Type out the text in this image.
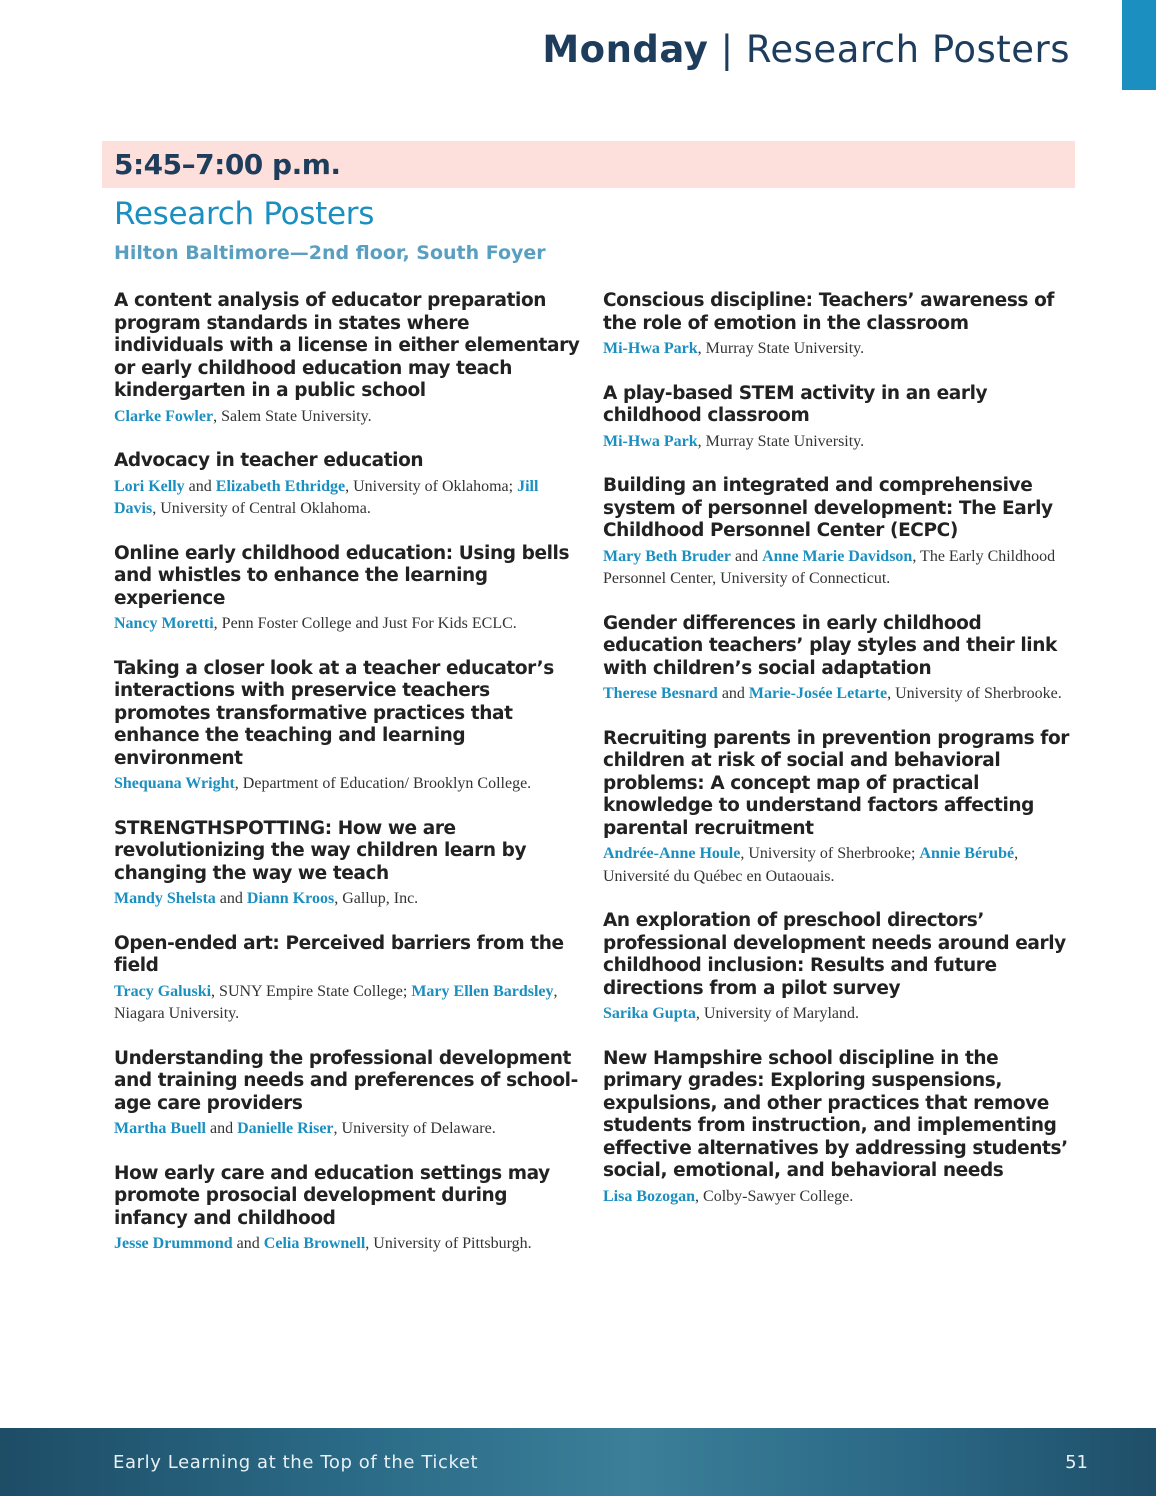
Monday | Research Posters
5:45–7:00 p.m.
Research Posters
Hilton Baltimore—2nd floor, South Foyer
A content analysis of educator preparation program standards in states where individuals with a license in either elementary or early childhood education may teach kindergarten in a public school
Clarke Fowler, Salem State University.
Advocacy in teacher education
Lori Kelly and Elizabeth Ethridge, University of Oklahoma; Jill Davis, University of Central Oklahoma.
Online early childhood education: Using bells and whistles to enhance the learning experience
Nancy Moretti, Penn Foster College and Just For Kids ECLC.
Taking a closer look at a teacher educator’s interactions with preservice teachers promotes transformative practices that enhance the teaching and learning environment
Shequana Wright, Department of Education/ Brooklyn College.
STRENGTHSPOTTING: How we are revolutionizing the way children learn by changing the way we teach
Mandy Shelsta and Diann Kroos, Gallup, Inc.
Open-ended art: Perceived barriers from the field
Tracy Galuski, SUNY Empire State College; Mary Ellen Bardsley, Niagara University.
Understanding the professional development and training needs and preferences of school-age care providers
Martha Buell and Danielle Riser, University of Delaware.
How early care and education settings may promote prosocial development during infancy and childhood
Jesse Drummond and Celia Brownell, University of Pittsburgh.
Conscious discipline: Teachers’ awareness of the role of emotion in the classroom
Mi-Hwa Park, Murray State University.
A play-based STEM activity in an early childhood classroom
Mi-Hwa Park, Murray State University.
Building an integrated and comprehensive system of personnel development: The Early Childhood Personnel Center (ECPC)
Mary Beth Bruder and Anne Marie Davidson, The Early Childhood Personnel Center, University of Connecticut.
Gender differences in early childhood education teachers’ play styles and their link with children’s social adaptation
Therese Besnard and Marie-Josée Letarte, University of Sherbrooke.
Recruiting parents in prevention programs for children at risk of social and behavioral problems: A concept map of practical knowledge to understand factors affecting parental recruitment
Andrée-Anne Houle, University of Sherbrooke; Annie Bérubé, Université du Québec en Outaouais.
An exploration of preschool directors’ professional development needs around early childhood inclusion: Results and future directions from a pilot survey
Sarika Gupta, University of Maryland.
New Hampshire school discipline in the primary grades: Exploring suspensions, expulsions, and other practices that remove students from instruction, and implementing effective alternatives by addressing students’ social, emotional, and behavioral needs
Lisa Bozogan, Colby-Sawyer College.
Early Learning at the Top of the Ticket	51
